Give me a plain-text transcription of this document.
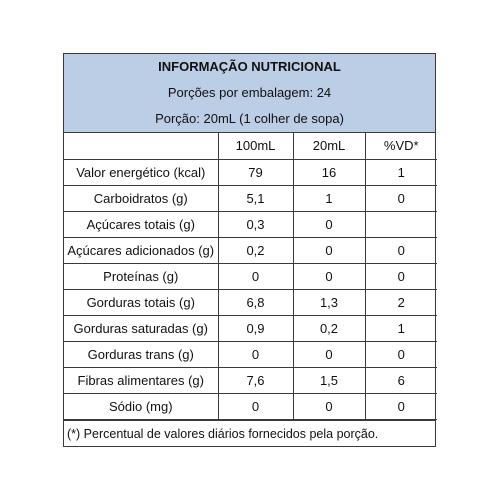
INFORMAÇÃO NUTRICIONAL
Porções por embalagem: 24
Porção: 20mL (1 colher de sopa)
	100mL	20mL	%VD*
Valor energético (kcal)	79	16	1
Carboidratos (g)	5,1	1	0
Açúcares totais (g)	0,3	0	
Açúcares adicionados (g)	0,2	0	0
Proteínas (g)	0	0	0
Gorduras totais (g)	6,8	1,3	2
Gorduras saturadas (g)	0,9	0,2	1
Gorduras trans (g)	0	0	0
Fibras alimentares (g)	7,6	1,5	6
Sódio (mg)	0	0	0
(*) Percentual de valores diários fornecidos pela porção.
